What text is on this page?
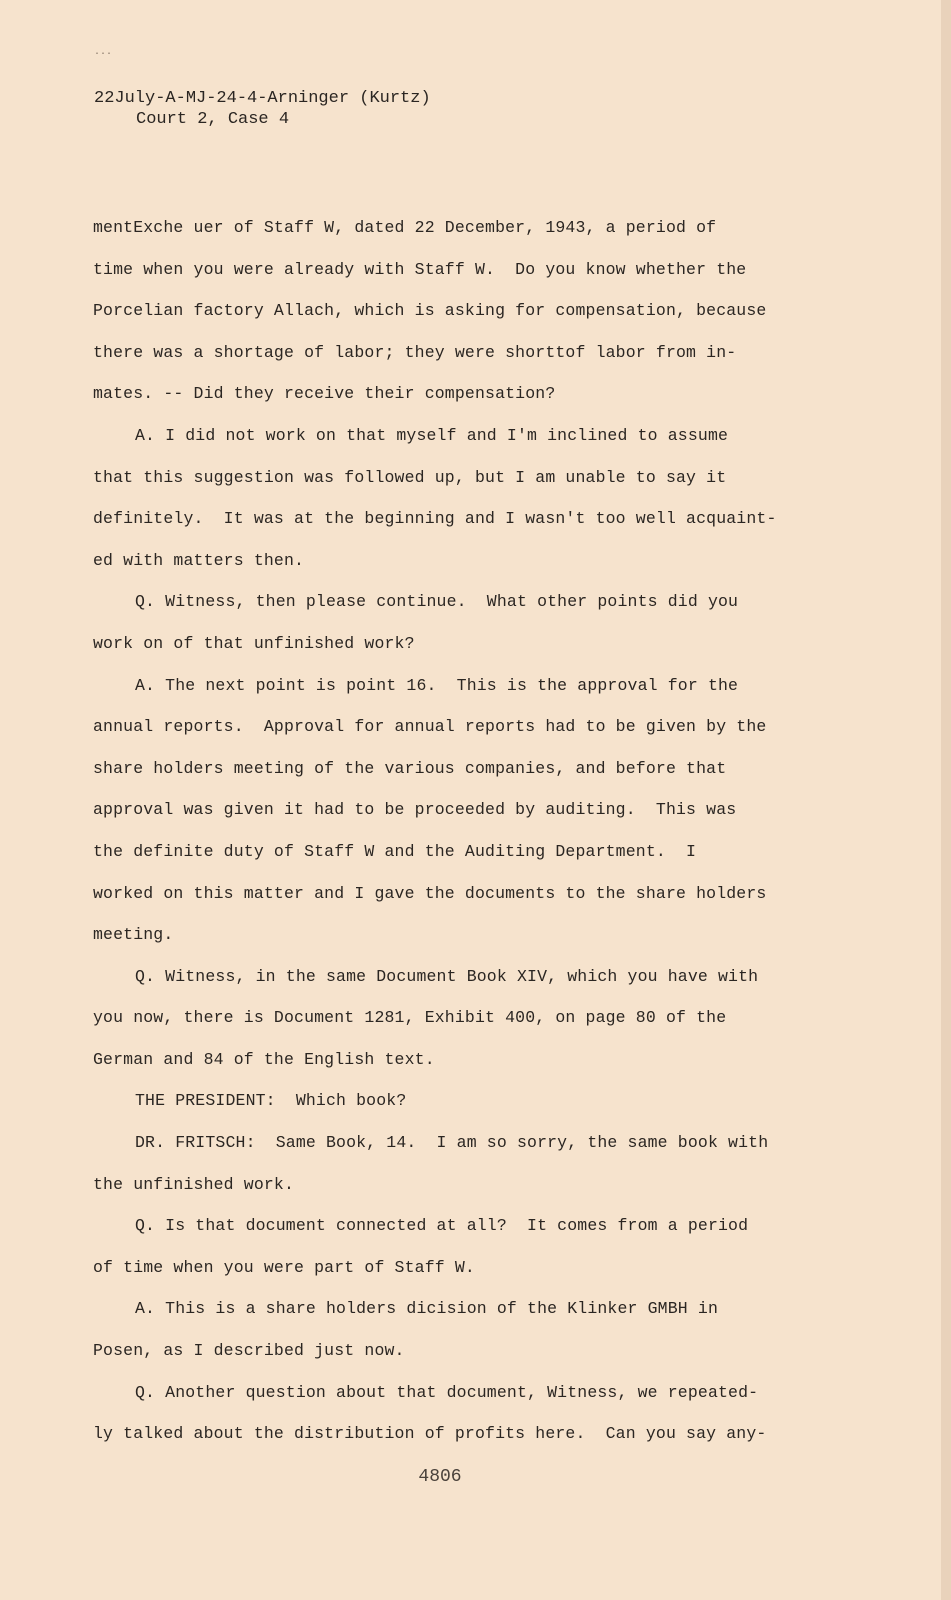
...
22July-A-MJ-24-4-Arninger (Kurtz)
Court 2, Case 4
mentExche uer of Staff W, dated 22 December, 1943, a period of
time when you were already with Staff W.  Do you know whether the
Porcelian factory Allach, which is asking for compensation, because
there was a shortage of labor; they were shorttof labor from in-
mates. -- Did they receive their compensation?
A. I did not work on that myself and I'm inclined to assume
that this suggestion was followed up, but I am unable to say it
definitely.  It was at the beginning and I wasn't too well acquaint-
ed with matters then.
Q. Witness, then please continue.  What other points did you
work on of that unfinished work?
A. The next point is point 16.  This is the approval for the
annual reports.  Approval for annual reports had to be given by the
share holders meeting of the various companies, and before that
approval was given it had to be proceeded by auditing.  This was
the definite duty of Staff W and the Auditing Department.  I
worked on this matter and I gave the documents to the share holders
meeting.
Q. Witness, in the same Document Book XIV, which you have with
you now, there is Document 1281, Exhibit 400, on page 80 of the
German and 84 of the English text.
THE PRESIDENT:  Which book?
DR. FRITSCH:  Same Book, 14.  I am so sorry, the same book with
the unfinished work.
Q. Is that document connected at all?  It comes from a period
of time when you were part of Staff W.
A. This is a share holders dicision of the Klinker GMBH in
Posen, as I described just now.
Q. Another question about that document, Witness, we repeated-
ly talked about the distribution of profits here.  Can you say any-
4806
